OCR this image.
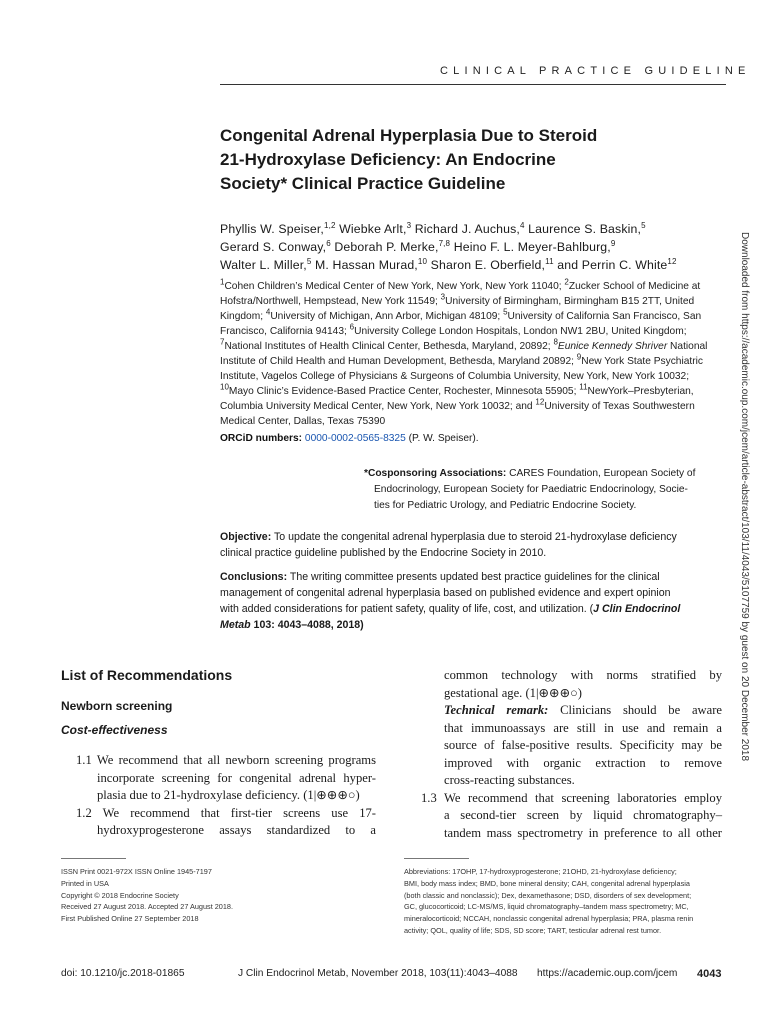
CLINICAL PRACTICE GUIDELINE
Congenital Adrenal Hyperplasia Due to Steroid
21-Hydroxylase Deficiency: An Endocrine
Society* Clinical Practice Guideline
Phyllis W. Speiser,$^{1,2}$ Wiebke Arlt,$^3$ Richard J. Auchus,$^4$ Laurence S. Baskin,$^5$
Gerard S. Conway,$^6$ Deborah P. Merke,$^{7,8}$ Heino F. L. Meyer-Bahlburg,$^9$
Walter L. Miller,$^5$ M. Hassan Murad,$^{10}$ Sharon E. Oberfield,$^{11}$ and Perrin C. White$^{12}$
$^1$Cohen Children’s Medical Center of New York, New York, New York 11040; $^2$Zucker School of Medicine at
Hofstra/Northwell, Hempstead, New York 11549; $^3$University of Birmingham, Birmingham B15 2TT, United
Kingdom; $^4$University of Michigan, Ann Arbor, Michigan 48109; $^5$University of California San Francisco, San
Francisco, California 94143; $^6$University College London Hospitals, London NW1 2BU, United Kingdom;
$^7$National Institutes of Health Clinical Center, Bethesda, Maryland, 20892; $^8$Eunice Kennedy Shriver National
Institute of Child Health and Human Development, Bethesda, Maryland 20892; $^9$New York State Psychiatric
Institute, Vagelos College of Physicians & Surgeons of Columbia University, New York, New York 10032;
$^{10}$Mayo Clinic’s Evidence-Based Practice Center, Rochester, Minnesota 55905; $^{11}$NewYork–Presbyterian,
Columbia University Medical Center, New York, New York 10032; and $^{12}$University of Texas Southwestern
Medical Center, Dallas, Texas 75390
ORCiD numbers: 0000-0002-0565-8325 (P. W. Speiser).
*Cosponsoring Associations: CARES Foundation, European Society of
Endocrinology, European Society for Paediatric Endocrinology, Socie-
ties for Pediatric Urology, and Pediatric Endocrine Society.
Objective: To update the congenital adrenal hyperplasia due to steroid 21-hydroxylase deficiency
clinical practice guideline published by the Endocrine Society in 2010.
Conclusions: The writing committee presents updated best practice guidelines for the clinical
management of congenital adrenal hyperplasia based on published evidence and expert opinion
with added considerations for patient safety, quality of life, cost, and utilization. (J Clin Endocrinol
Metab 103: 4043–4088, 2018)	Downloaded from https://academic.oup.com/jcem/article-abstract/103/11/4043/5107759 by guest on 20 December 2018
List of Recommendations
Newborn screening
Cost-effectiveness
1.1 We recommend that all newborn screening programs
incorporate screening for congenital adrenal hyper-
plasia due to 21-hydroxylase deficiency. (1|⊕⊕⊕○)
1.2 We recommend that first-tier screens use 17-
hydroxyprogesterone assays standardized to a
common technology with norms stratified by
gestational age. (1|⊕⊕⊕○)
Technical remark: Clinicians should be aware
that immunoassays are still in use and remain a
source of false-positive results. Specificity may be
improved with organic extraction to remove
cross-reacting substances.
1.3 We recommend that screening laboratories employ
a second-tier screen by liquid chromatography–
tandem mass spectrometry in preference to all other
ISSN Print 0021-972X ISSN Online 1945-7197
Printed in USA
Copyright © 2018 Endocrine Society
Received 27 August 2018. Accepted 27 August 2018.
First Published Online 27 September 2018
Abbreviations: 17OHP, 17-hydroxyprogesterone; 21OHD, 21-hydroxylase deficiency;
BMI, body mass index; BMD, bone mineral density; CAH, congenital adrenal hyperplasia
(both classic and nonclassic); Dex, dexamethasone; DSD, disorders of sex development;
GC, glucocorticoid; LC-MS/MS, liquid chromatography–tandem mass spectrometry; MC,
mineralocorticoid; NCCAH, nonclassic congenital adrenal hyperplasia; PRA, plasma renin
activity; QOL, quality of life; SDS, SD score; TART, testicular adrenal rest tumor.
doi: 10.1210/jc.2018-01865	J Clin Endocrinol Metab, November 2018, 103(11):4043–4088 https://academic.oup.com/jcem 4043
